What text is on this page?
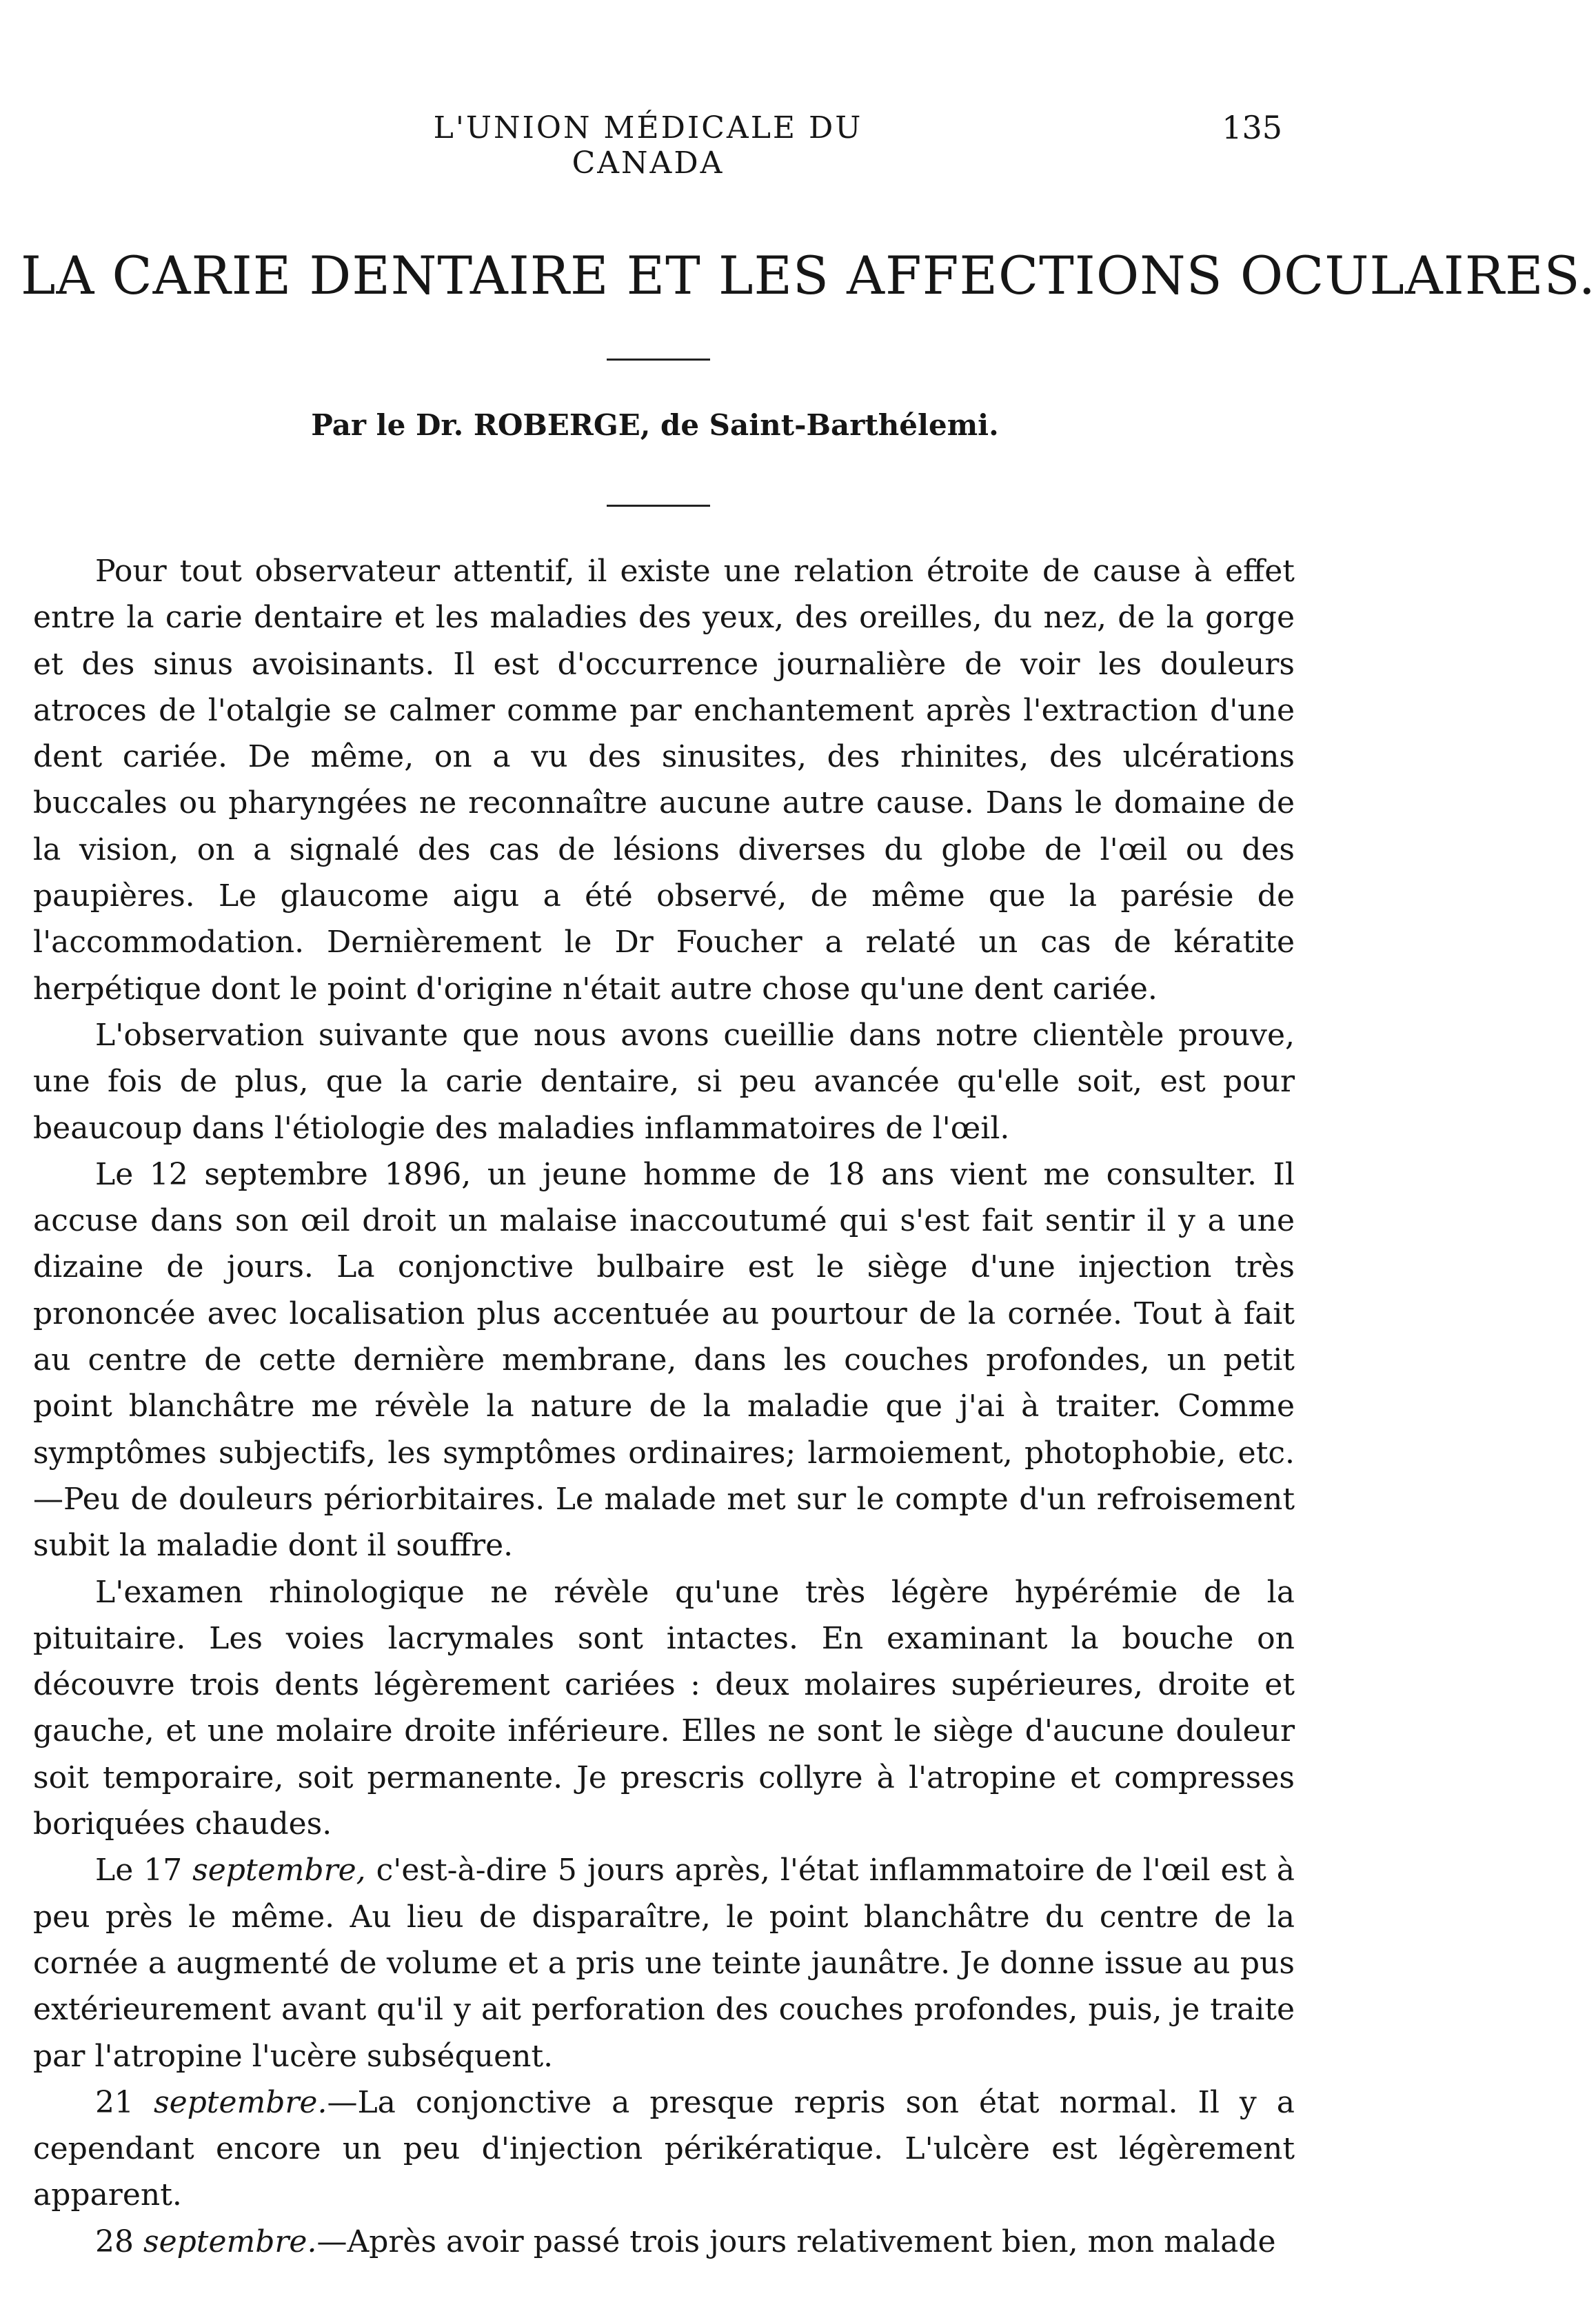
L'UNION MÉDICALE DU CANADA
135
LA CARIE DENTAIRE ET LES AFFECTIONS OCULAIRES.
Par le Dr. ROBERGE, de Saint-Barthélemi.

Pour tout observateur attentif, il existe une relation étroite de cause à effet entre la carie dentaire et les maladies des yeux, des oreilles, du nez, de la gorge et des sinus avoisinants. Il est d'occurrence journalière de voir les douleurs atroces de l'otalgie se calmer comme par enchantement après l'extraction d'une dent cariée. De même, on a vu des sinusites, des rhinites, des ulcérations buccales ou pharyngées ne reconnaître aucune autre cause. Dans le domaine de la vision, on a signalé des cas de lésions diverses du globe de l'œil ou des paupières. Le glaucome aigu a été observé, de même que la parésie de l'accommodation. Dernièrement le Dr Foucher a relaté un cas de kératite herpétique dont le point d'origine n'était autre chose qu'une dent cariée.

L'observation suivante que nous avons cueillie dans notre clientèle prouve, une fois de plus, que la carie dentaire, si peu avancée qu'elle soit, est pour beaucoup dans l'étiologie des maladies inflammatoires de l'œil.

Le 12 septembre 1896, un jeune homme de 18 ans vient me consulter. Il accuse dans son œil droit un malaise inaccoutumé qui s'est fait sentir il y a une dizaine de jours. La conjonctive bulbaire est le siège d'une injection très prononcée avec localisation plus accentuée au pourtour de la cornée. Tout à fait au centre de cette dernière membrane, dans les couches profondes, un petit point blanchâtre me révèle la nature de la maladie que j'ai à traiter. Comme symptômes subjectifs, les symptômes ordinaires; larmoiement, photophobie, etc.—Peu de douleurs périorbitaires. Le malade met sur le compte d'un refroisement subit la maladie dont il souffre.

L'examen rhinologique ne révèle qu'une très légère hypérémie de la pituitaire. Les voies lacrymales sont intactes. En examinant la bouche on découvre trois dents légèrement cariées : deux molaires supérieures, droite et gauche, et une molaire droite inférieure. Elles ne sont le siège d'aucune douleur soit temporaire, soit permanente. Je prescris collyre à l'atropine et compresses boriquées chaudes.

Le 17 septembre, c'est-à-dire 5 jours après, l'état inflammatoire de l'œil est à peu près le même. Au lieu de disparaître, le point blanchâtre du centre de la cornée a augmenté de volume et a pris une teinte jaunâtre. Je donne issue au pus extérieurement avant qu'il y ait perforation des couches profondes, puis, je traite par l'atropine l'ucère subséquent.

21 septembre.—La conjonctive a presque repris son état normal. Il y a cependant encore un peu d'injection périkératique. L'ulcère est légèrement apparent.

28 septembre.—Après avoir passé trois jours relativement bien, mon malade
